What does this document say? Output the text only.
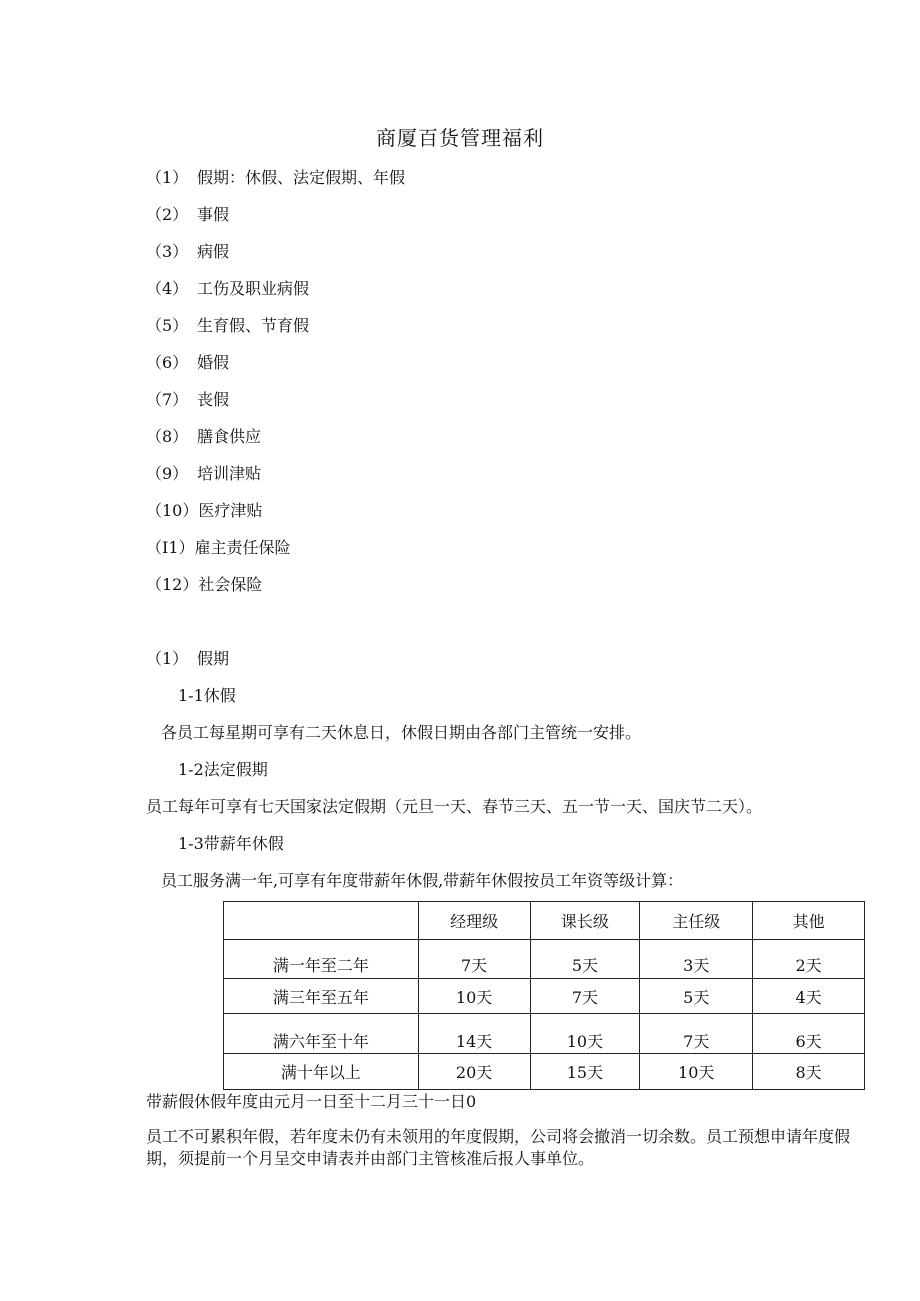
商厦百货管理福利
（1） 假期：休假、法定假期、年假
（2） 事假
（3） 病假
（4） 工伤及职业病假
（5） 生育假、节育假
（6） 婚假
（7） 丧假
（8） 膳食供应
（9） 培训津贴
（10）医疗津贴
（I1）雇主责任保险
（12）社会保险
（1） 假期
1-1休假
各员工每星期可享有二天休息日，休假日期由各部门主管统一安排。
1-2法定假期
员工每年可享有七天国家法定假期（元旦一天、春节三天、五一节一天、国庆节二天）。
1-3带薪年休假
员工服务满一年,可享有年度带薪年休假,带薪年休假按员工年资等级计算：
	经理级	课长级	主任级	其他
满一年至二年	7天	5天	3天	2天
满三年至五年	10天	7天	5天	4天
满六年至十年	14天	10天	7天	6天
满十年以上	20天	15天	10天	8天
带薪假休假年度由元月一日至十二月三十一日0
员工不可累积年假，若年度未仍有未领用的年度假期，公司将会撤消一切余数。员工预想申请年度假期，须提前一个月呈交申请表并由部门主管核准后报人事单位。
